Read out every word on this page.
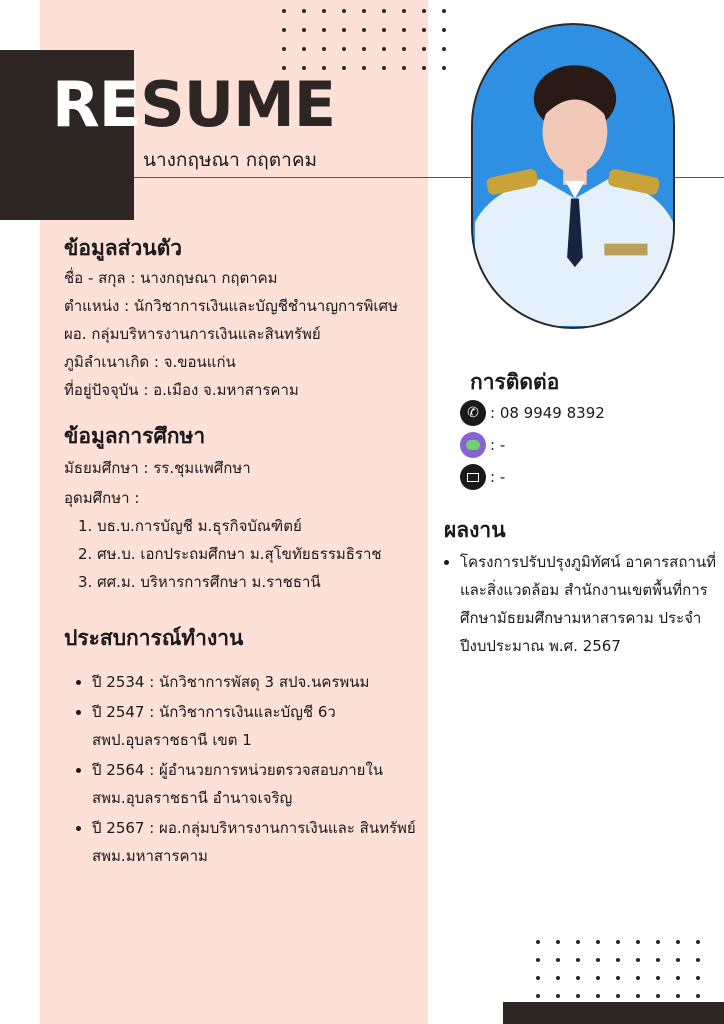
RESUME
นางกฤษณา กฤตาคม
ข้อมูลส่วนตัว
ชื่อ - สกุล : นางกฤษณา กฤตาคม
ตำแหน่ง : นักวิชาการเงินและบัญชีชำนาญการพิเศษ
ผอ. กลุ่มบริหารงานการเงินและสินทรัพย์
ภูมิลำเนาเกิด : จ.ขอนแก่น
ที่อยู่ปัจจุบัน : อ.เมือง จ.มหาสารคาม
ข้อมูลการศึกษา
มัธยมศึกษา : รร.ชุมแพศึกษา
อุดมศึกษา :
1. บธ.บ.การบัญชี ม.ธุรกิจบัณฑิตย์
2. ศษ.บ. เอกประถมศึกษา ม.สุโขทัยธรรมธิราช
3. ศศ.ม. บริหารการศึกษา ม.ราชธานี
ประสบการณ์ทำงาน
• ปี 2534 : นักวิชาการพัสดุ 3 สปจ.นครพนม
• ปี 2547 : นักวิชาการเงินและบัญชี 6ว สพป.อุบลราชธานี เขต 1
• ปี 2564 : ผู้อำนวยการหน่วยตรวจสอบภายใน สพม.อุบลราชธานี อำนาจเจริญ
• ปี 2567 : ผอ.กลุ่มบริหารงานการเงินและ สินทรัพย์ สพม.มหาสารคาม
การติดต่อ
✆ : 08 9949 8392
: -
: -
ผลงาน
• โครงการปรับปรุงภูมิทัศน์ อาคารสถานที่และสิ่งแวดล้อม สำนักงานเขตพื้นที่การศึกษามัธยมศึกษามหาสารคาม ประจำปีงบประมาณ พ.ศ. 2567
